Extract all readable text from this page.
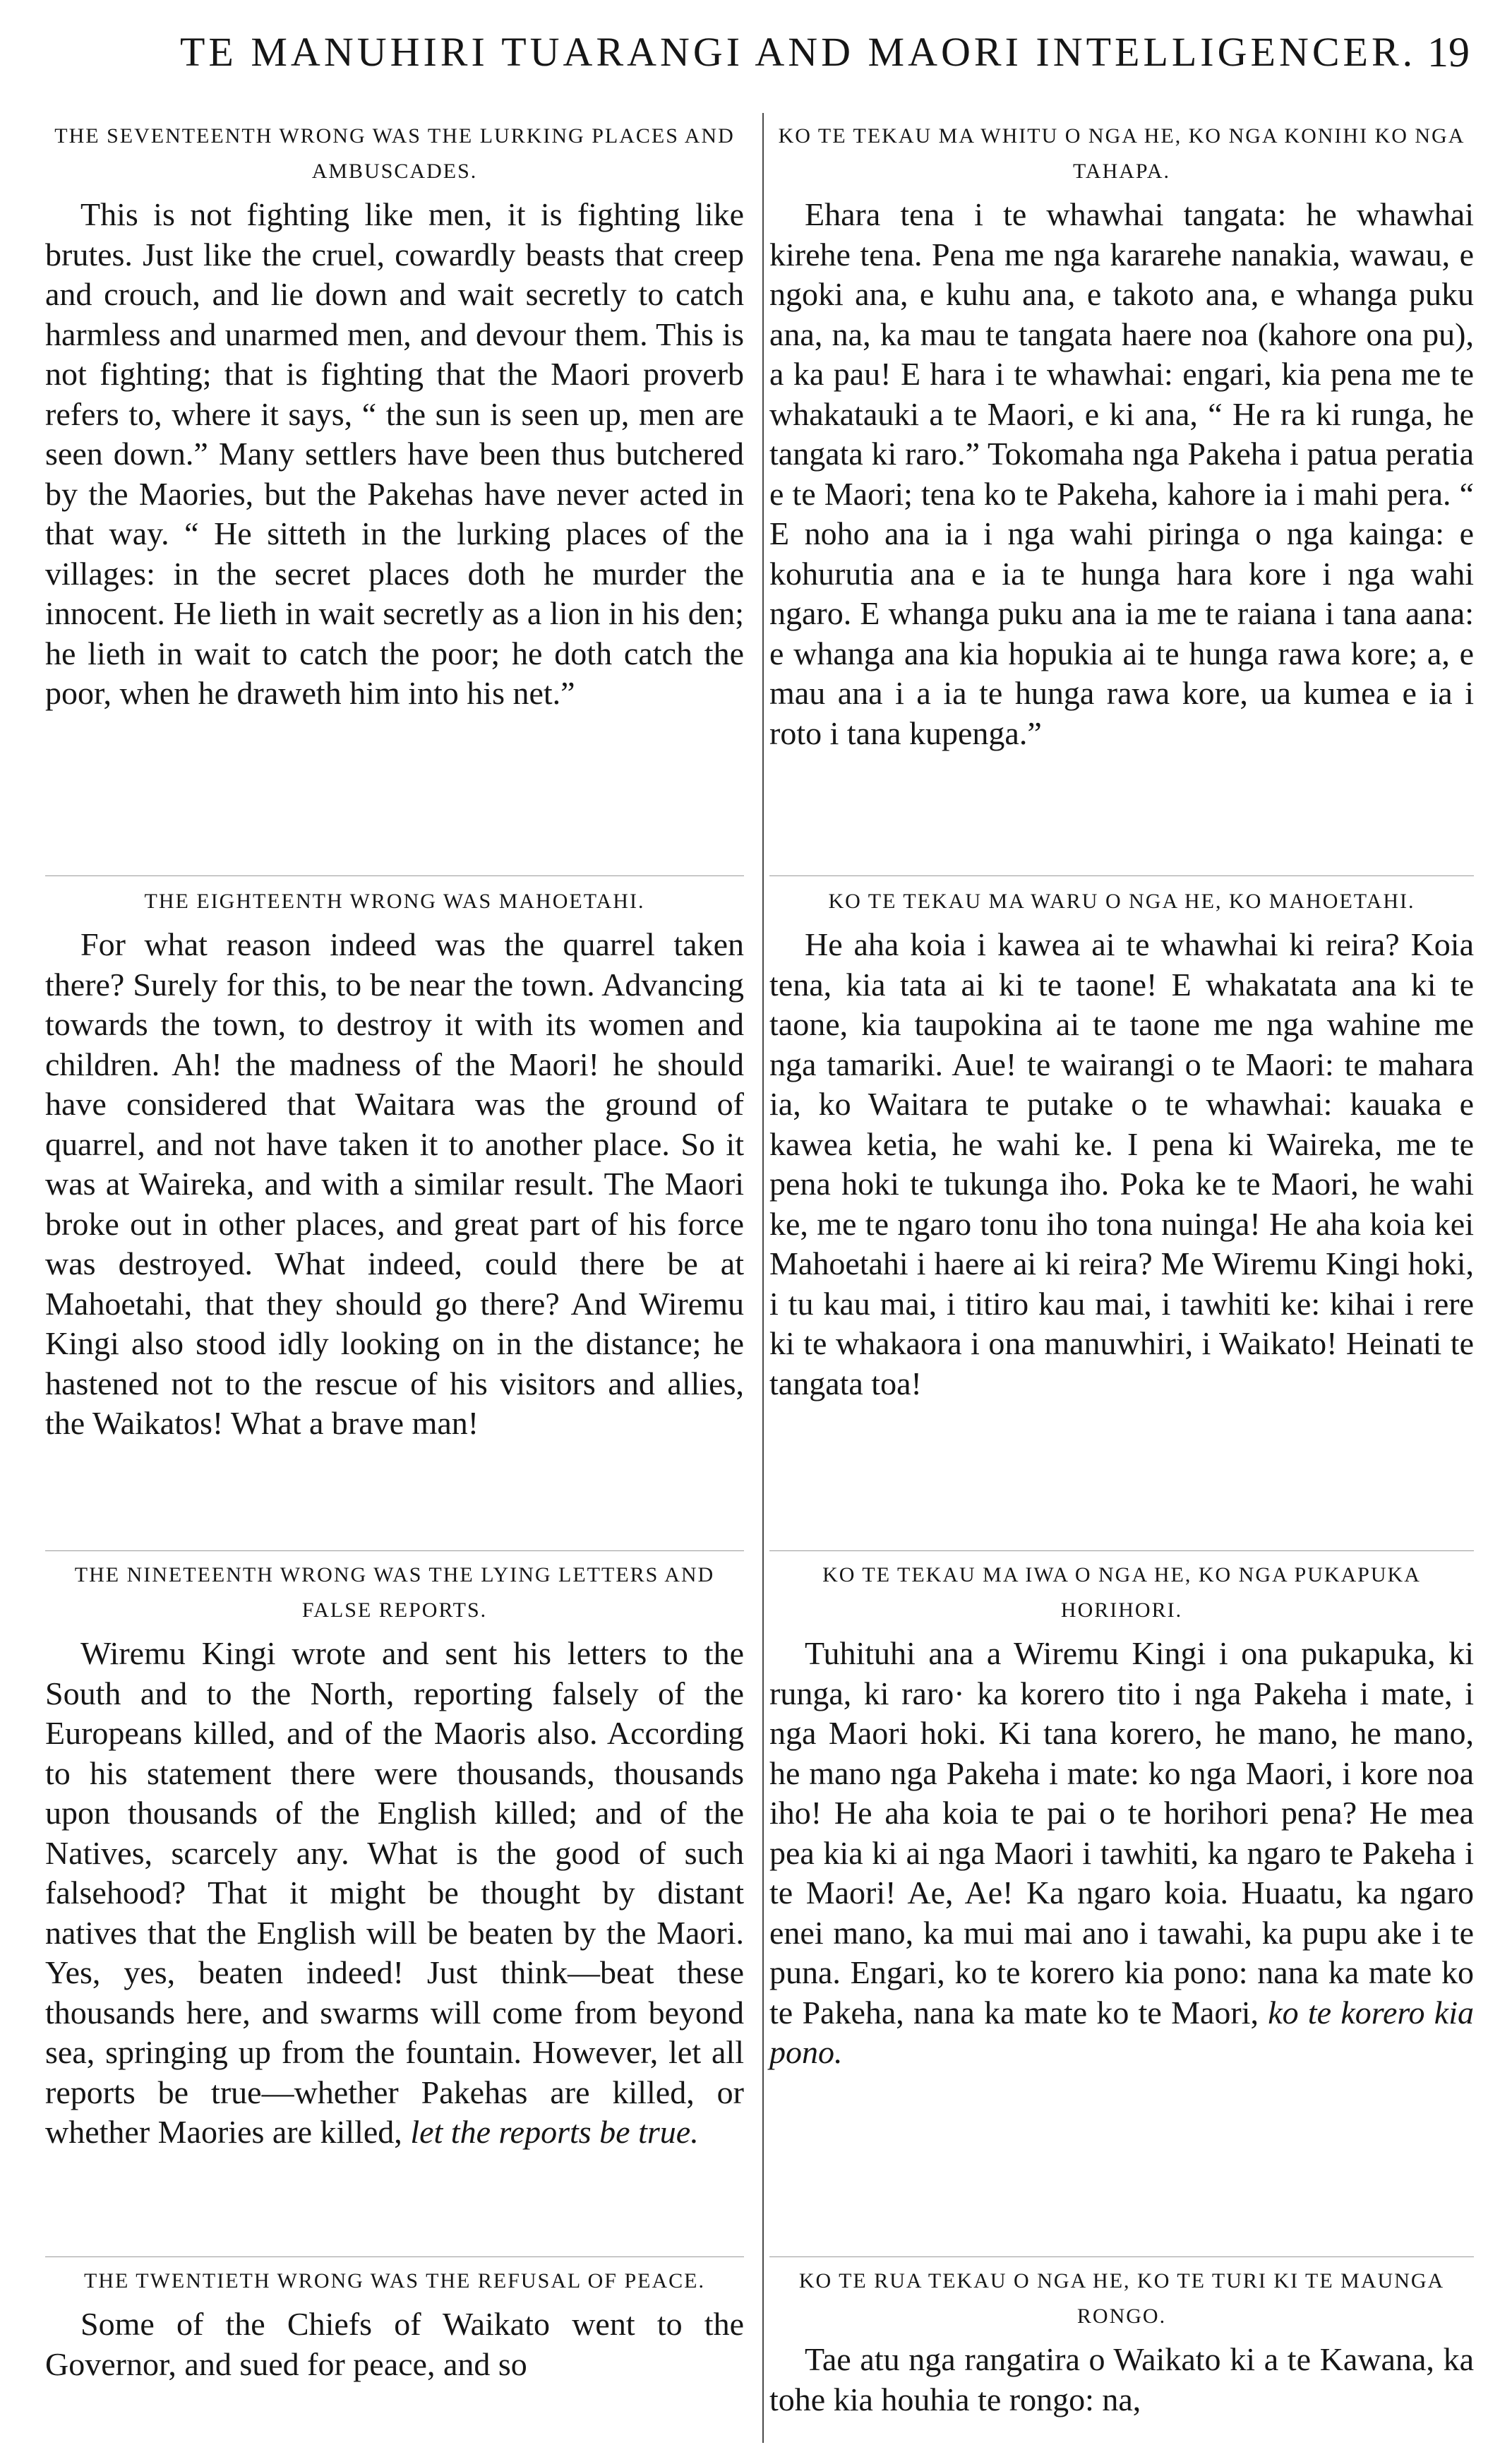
TE MANUHIRI TUARANGI AND MAORI INTELLIGENCER. 19
THE SEVENTEENTH WRONG WAS THE LURKING PLACES AND AMBUSCADES.

This is not fighting like men, it is fighting like brutes. Just like the cruel, cowardly beasts that creep and crouch, and lie down and wait secretly to catch harmless and unarmed men, and devour them. This is not fighting; that is fighting that the Maori proverb refers to, where it says, “ the sun is seen up, men are seen down.” Many settlers have been thus butchered by the Maories, but the Pakehas have never acted in that way. “ He sitteth in the lurking places of the villages: in the secret places doth he murder the innocent. He lieth in wait secretly as a lion in his den; he lieth in wait to catch the poor; he doth catch the poor, when he draweth him into his net.”

KO TE TEKAU MA WHITU O NGA HE, KO NGA KONIHI KO NGA TAHAPA.

Ehara tena i te whawhai tangata: he whawhai kirehe tena. Pena me nga kararehe nanakia, wawau, e ngoki ana, e kuhu ana, e takoto ana, e whanga puku ana, na, ka mau te tangata haere noa (kahore ona pu), a ka pau! E hara i te whawhai: engari, kia pena me te whakatauki a te Maori, e ki ana, “ He ra ki runga, he tangata ki raro.” Tokomaha nga Pakeha i patua peratia e te Maori; tena ko te Pakeha, kahore ia i mahi pera. “ E noho ana ia i nga wahi piringa o nga kainga: e kohurutia ana e ia te hunga hara kore i nga wahi ngaro. E whanga puku ana ia me te raiana i tana aana: e whanga ana kia hopukia ai te hunga rawa kore; a, e mau ana i a ia te hunga rawa kore, ua kumea e ia i roto i tana kupenga.”

THE EIGHTEENTH WRONG WAS MAHOETAHI.

For what reason indeed was the quarrel taken there? Surely for this, to be near the town. Advancing towards the town, to destroy it with its women and children. Ah! the madness of the Maori! he should have considered that Waitara was the ground of quarrel, and not have taken it to another place. So it was at Waireka, and with a similar result. The Maori broke out in other places, and great part of his force was destroyed. What indeed, could there be at Mahoetahi, that they should go there? And Wiremu Kingi also stood idly looking on in the distance; he hastened not to the rescue of his visitors and allies, the Waikatos! What a brave man!

KO TE TEKAU MA WARU O NGA HE, KO MAHOETAHI.

He aha koia i kawea ai te whawhai ki reira? Koia tena, kia tata ai ki te taone! E whakatata ana ki te taone, kia taupokina ai te taone me nga wahine me nga tamariki. Aue! te wairangi o te Maori: te mahara ia, ko Waitara te putake o te whawhai: kauaka e kawea ketia, he wahi ke. I pena ki Waireka, me te pena hoki te tukunga iho. Poka ke te Maori, he wahi ke, me te ngaro tonu iho tona nuinga! He aha koia kei Mahoetahi i haere ai ki reira? Me Wiremu Kingi hoki, i tu kau mai, i titiro kau mai, i tawhiti ke: kihai i rere ki te whakaora i ona manuwhiri, i Waikato! Heinati te tangata toa!

THE NINETEENTH WRONG WAS THE LYING LETTERS AND FALSE REPORTS.

Wiremu Kingi wrote and sent his letters to the South and to the North, reporting falsely of the Europeans killed, and of the Maoris also. According to his statement there were thousands, thousands upon thousands of the English killed; and of the Natives, scarcely any. What is the good of such falsehood? That it might be thought by distant natives that the English will be beaten by the Maori. Yes, yes, beaten indeed! Just think—beat these thousands here, and swarms will come from beyond sea, springing up from the fountain. However, let all reports be true—whether Pakehas are killed, or whether Maories are killed, let the reports be true.

KO TE TEKAU MA IWA O NGA HE, KO NGA PUKAPUKA HORIHORI.

Tuhituhi ana a Wiremu Kingi i ona pukapuka, ki runga, ki raro· ka korero tito i nga Pakeha i mate, i nga Maori hoki. Ki tana korero, he mano, he mano, he mano nga Pakeha i mate: ko nga Maori, i kore noa iho! He aha koia te pai o te horihori pena? He mea pea kia ki ai nga Maori i tawhiti, ka ngaro te Pakeha i te Maori! Ae, Ae! Ka ngaro koia. Huaatu, ka ngaro enei mano, ka mui mai ano i tawahi, ka pupu ake i te puna. Engari, ko te korero kia pono: nana ka mate ko te Pakeha, nana ka mate ko te Maori, ko te korero kia pono.

THE TWENTIETH WRONG WAS THE REFUSAL OF PEACE.

Some of the Chiefs of Waikato went to the Governor, and sued for peace, and so

KO TE RUA TEKAU O NGA HE, KO TE TURI KI TE MAUNGA RONGO.

Tae atu nga rangatira o Waikato ki a te Kawana, ka tohe kia houhia te rongo: na,
